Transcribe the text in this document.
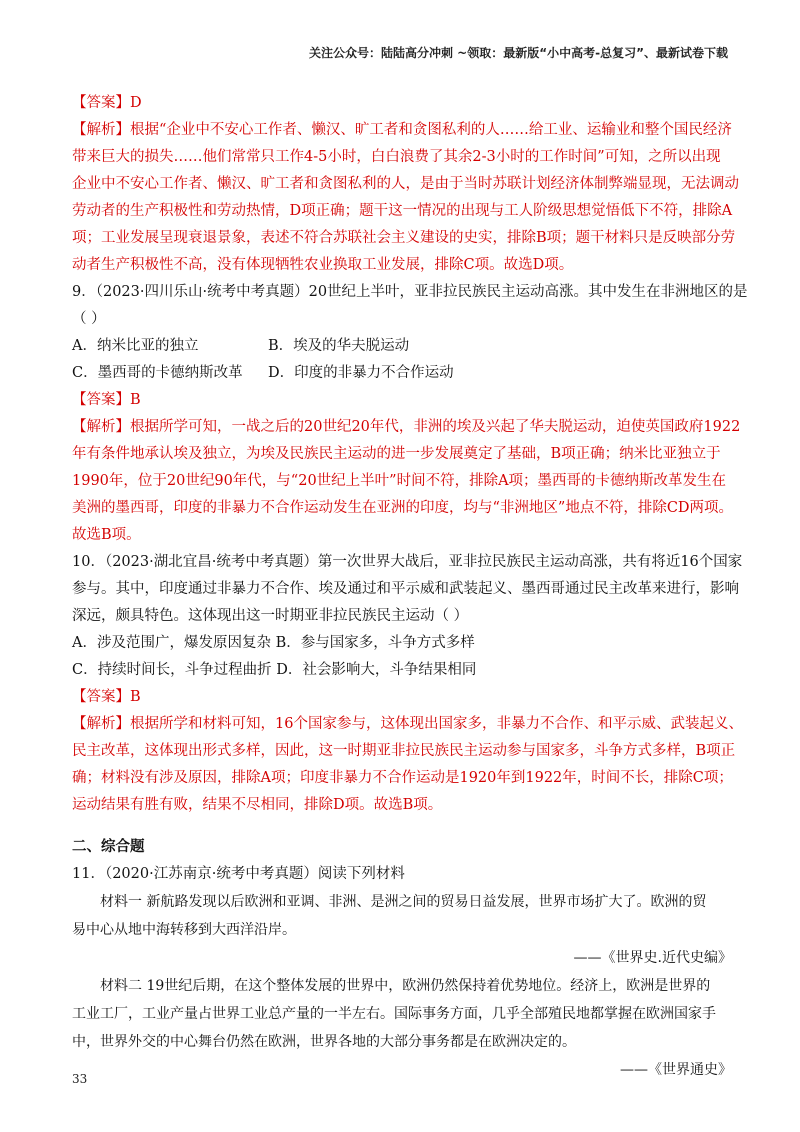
关注公众号：陆陆高分冲刺 ~领取：最新版“小中高考-总复习”、最新试卷下载
【答案】D
【解析】根据“企业中不安心工作者、懒汉、旷工者和贪图私利的人……给工业、运输业和整个国民经济
带来巨大的损失……他们常常只工作4-5小时，白白浪费了其余2-3小时的工作时间”可知，之所以出现
企业中不安心工作者、懒汉、旷工者和贪图私利的人，是由于当时苏联计划经济体制弊端显现，无法调动
劳动者的生产积极性和劳动热情，D项正确；题干这一情况的出现与工人阶级思想觉悟低下不符，排除A
项；工业发展呈现衰退景象，表述不符合苏联社会主义建设的史实，排除B项；题干材料只是反映部分劳
动者生产积极性不高，没有体现牺牲农业换取工业发展，排除C项。故选D项。
9．（2023·四川乐山·统考中考真题）20世纪上半叶，亚非拉民族民主运动高涨。其中发生在非洲地区的是
（ ）
A．纳米比亚的独立	B．埃及的华夫脱运动
C．墨西哥的卡德纳斯改革	D．印度的非暴力不合作运动
【答案】B
【解析】根据所学可知，一战之后的20世纪20年代，非洲的埃及兴起了华夫脱运动，迫使英国政府1922
年有条件地承认埃及独立，为埃及民族民主运动的进一步发展奠定了基础，B项正确；纳米比亚独立于
1990年，位于20世纪90年代，与“20世纪上半叶”时间不符，排除A项；墨西哥的卡德纳斯改革发生在
美洲的墨西哥，印度的非暴力不合作运动发生在亚洲的印度，均与“非洲地区”地点不符，排除CD两项。
故选B项。
10．（2023·湖北宜昌·统考中考真题）第一次世界大战后，亚非拉民族民主运动高涨，共有将近16个国家
参与。其中，印度通过非暴力不合作、埃及通过和平示威和武装起义、墨西哥通过民主改革来进行，影响
深远，颇具特色。这体现出这一时期亚非拉民族民主运动（ ）
A．涉及范围广，爆发原因复杂 B．参与国家多，斗争方式多样
C．持续时间长，斗争过程曲折 D．社会影响大，斗争结果相同
【答案】B
【解析】根据所学和材料可知，16个国家参与，这体现出国家多，非暴力不合作、和平示威、武装起义、
民主改革，这体现出形式多样，因此，这一时期亚非拉民族民主运动参与国家多，斗争方式多样，B项正
确；材料没有涉及原因，排除A项；印度非暴力不合作运动是1920年到1922年，时间不长，排除C项；
运动结果有胜有败，结果不尽相同，排除D项。故选B项。
二、综合题
11．（2020·江苏南京·统考中考真题）阅读下列材料
材料一 新航路发现以后欧洲和亚调、非洲、是洲之间的贸易日益发展，世界市场扩大了。欧洲的贸
易中心从地中海转移到大西洋沿岸。
——《世界史.近代史编》
材料二 19世纪后期，在这个整体发展的世界中，欧洲仍然保持着优势地位。经济上，欧洲是世界的
工业工厂，工业产量占世界工业总产量的一半左右。国际事务方面，几乎全部殖民地都掌握在欧洲国家手
中，世界外交的中心舞台仍然在欧洲，世界各地的大部分事务都是在欧洲决定的。
——《世界通史》
33
